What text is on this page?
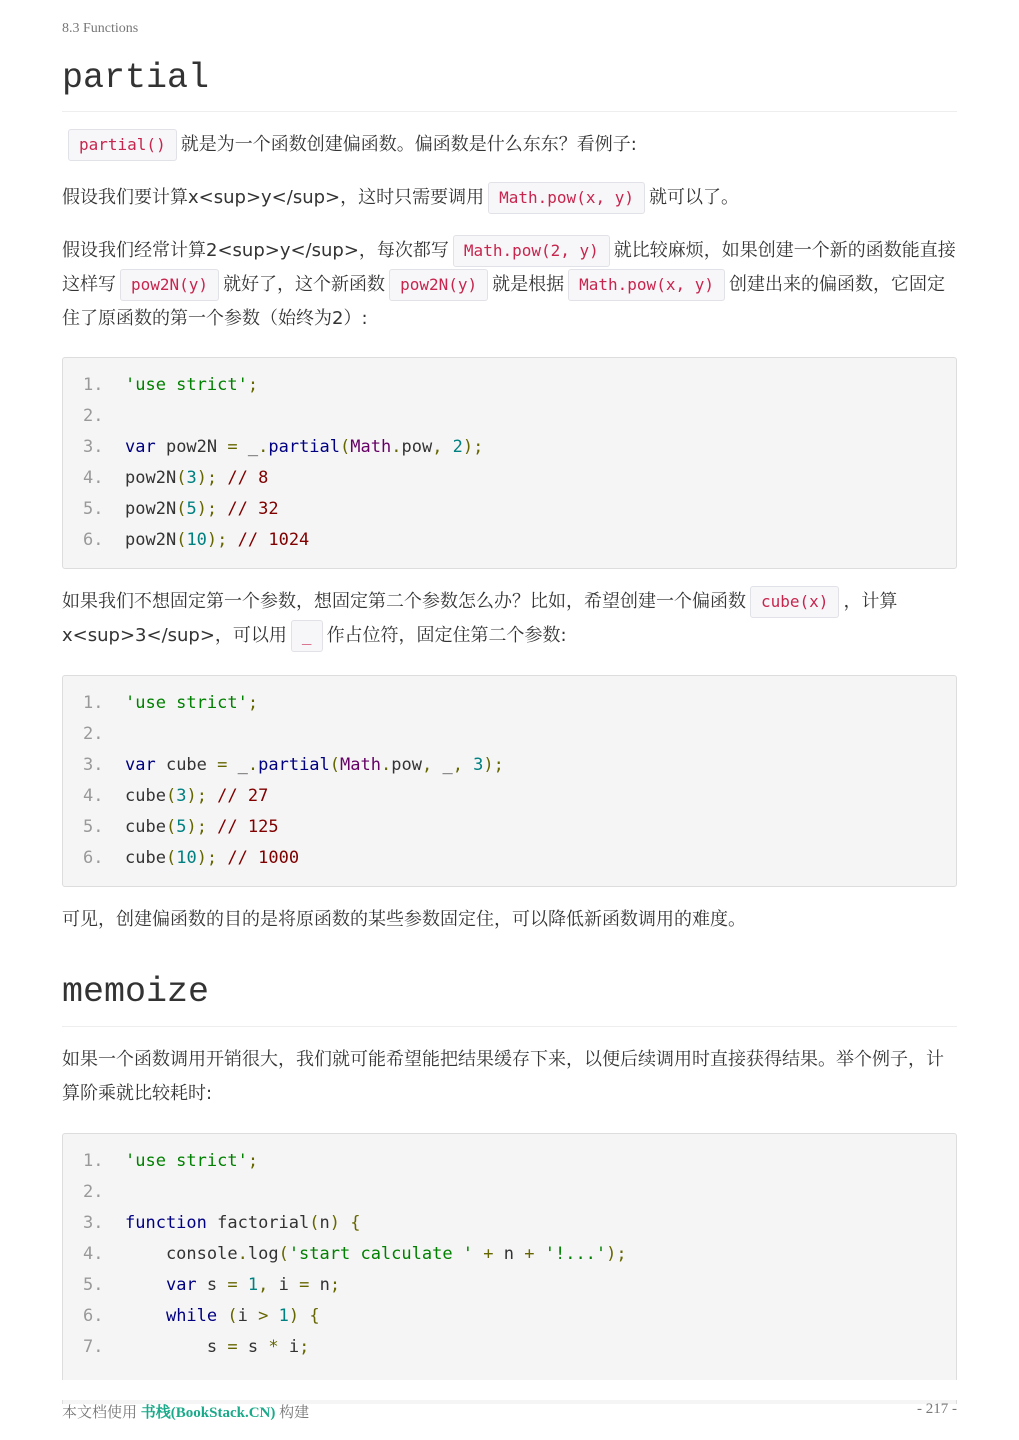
8.3 Functions
partial

partial() 就是为一个函数创建偏函数。偏函数是什么东东？看例子:

假设我们要计算x<sup>y</sup>，这时只需要调用 Math.pow(x, y) 就可以了。

假设我们经常计算2<sup>y</sup>，每次都写 Math.pow(2, y) 就比较麻烦，如果创建一个新的函数能直接这样写 pow2N(y) 就好了，这个新函数 pow2N(y) 就是根据 Math.pow(x, y) 创建出来的偏函数，它固定住了原函数的第一个参数（始终为2）:

1.	'use strict';
2.
3.	var pow2N = _.partial(Math.pow, 2);
4.	pow2N(3); // 8
5.	pow2N(5); // 32
6.	pow2N(10); // 1024

如果我们不想固定第一个参数，想固定第二个参数怎么办？比如，希望创建一个偏函数 cube(x) ，计算x<sup>3</sup>，可以用 _ 作占位符，固定住第二个参数:

1.	'use strict';
2.
3.	var cube = _.partial(Math.pow, _, 3);
4.	cube(3); // 27
5.	cube(5); // 125
6.	cube(10); // 1000

可见，创建偏函数的目的是将原函数的某些参数固定住，可以降低新函数调用的难度。

memoize

如果一个函数调用开销很大，我们就可能希望能把结果缓存下来，以便后续调用时直接获得结果。举个例子，计算阶乘就比较耗时:

1.	'use strict';
2.
3.	function factorial(n) {
4.	console.log('start calculate ' + n + '!...');
5.	var s = 1, i = n;
6.	while (i > 1) {
7.	s = s * i;
本文档使用 书栈(BookStack.CN) 构建	- 217 -
